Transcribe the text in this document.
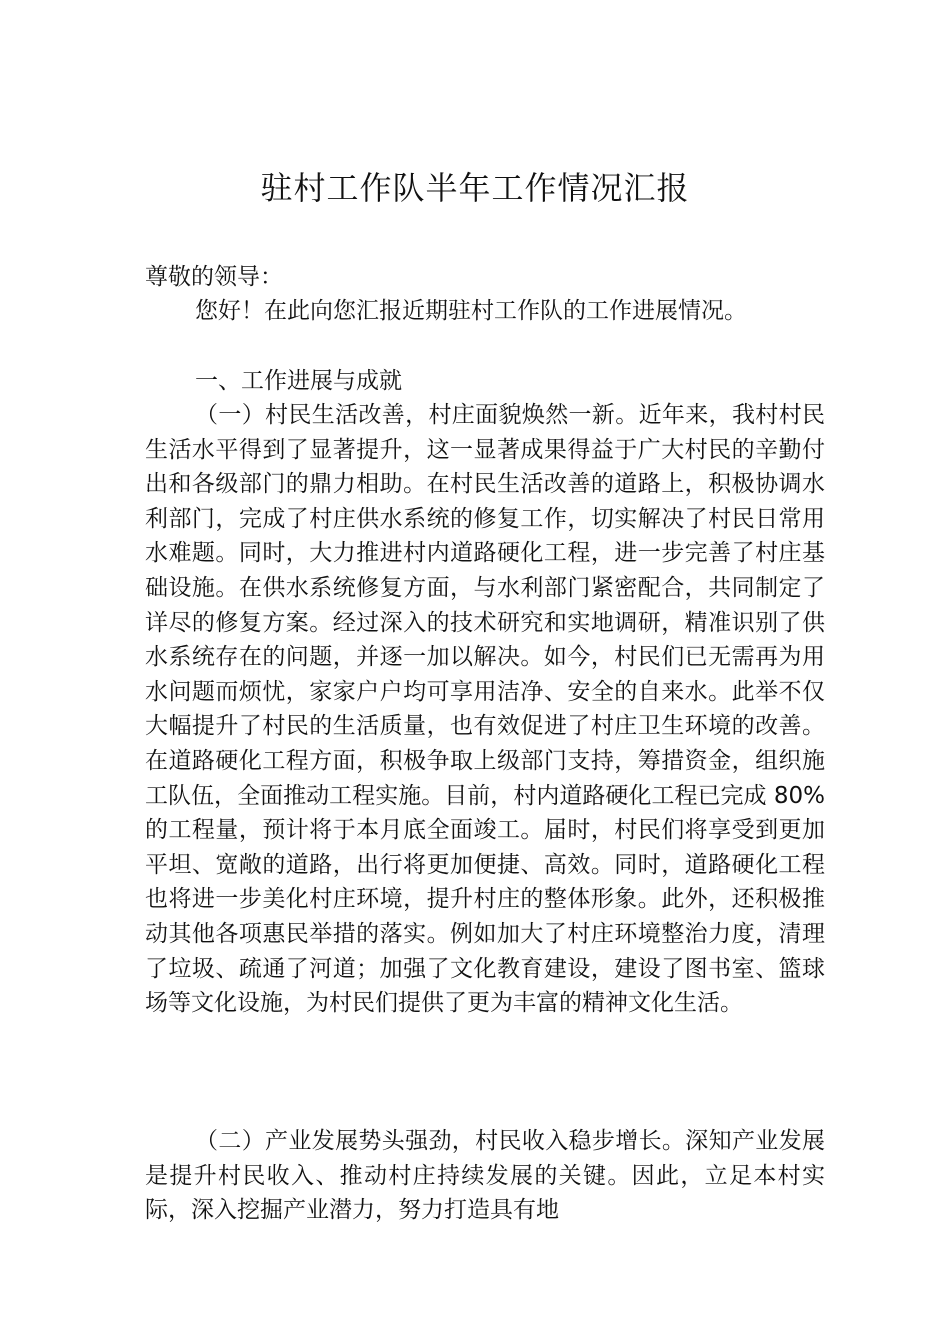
驻村工作队半年工作情况汇报

尊敬的领导：

您好！在此向您汇报近期驻村工作队的工作进展情况。

一、工作进展与成就

（一）村民生活改善，村庄面貌焕然一新。近年来，我村村民生活水平得到了显著提升，这一显著成果得益于广大村民的辛勤付出和各级部门的鼎力相助。在村民生活改善的道路上，积极协调水利部门，完成了村庄供水系统的修复工作，切实解决了村民日常用水难题。同时，大力推进村内道路硬化工程，进一步完善了村庄基础设施。在供水系统修复方面，与水利部门紧密配合，共同制定了详尽的修复方案。经过深入的技术研究和实地调研，精准识别了供水系统存在的问题，并逐一加以解决。如今，村民们已无需再为用水问题而烦忧，家家户户均可享用洁净、安全的自来水。此举不仅大幅提升了村民的生活质量，也有效促进了村庄卫生环境的改善。在道路硬化工程方面，积极争取上级部门支持，筹措资金，组织施工队伍，全面推动工程实施。目前，村内道路硬化工程已完成 80%的工程量，预计将于本月底全面竣工。届时，村民们将享受到更加平坦、宽敞的道路，出行将更加便捷、高效。同时，道路硬化工程也将进一步美化村庄环境，提升村庄的整体形象。此外，还积极推动其他各项惠民举措的落实。例如加大了村庄环境整治力度，清理了垃圾、疏通了河道；加强了文化教育建设，建设了图书室、篮球场等文化设施，为村民们提供了更为丰富的精神文化生活。

（二）产业发展势头强劲，村民收入稳步增长。深知产业发展是提升村民收入、推动村庄持续发展的关键。因此，立足本村实际，深入挖掘产业潜力，努力打造具有地
